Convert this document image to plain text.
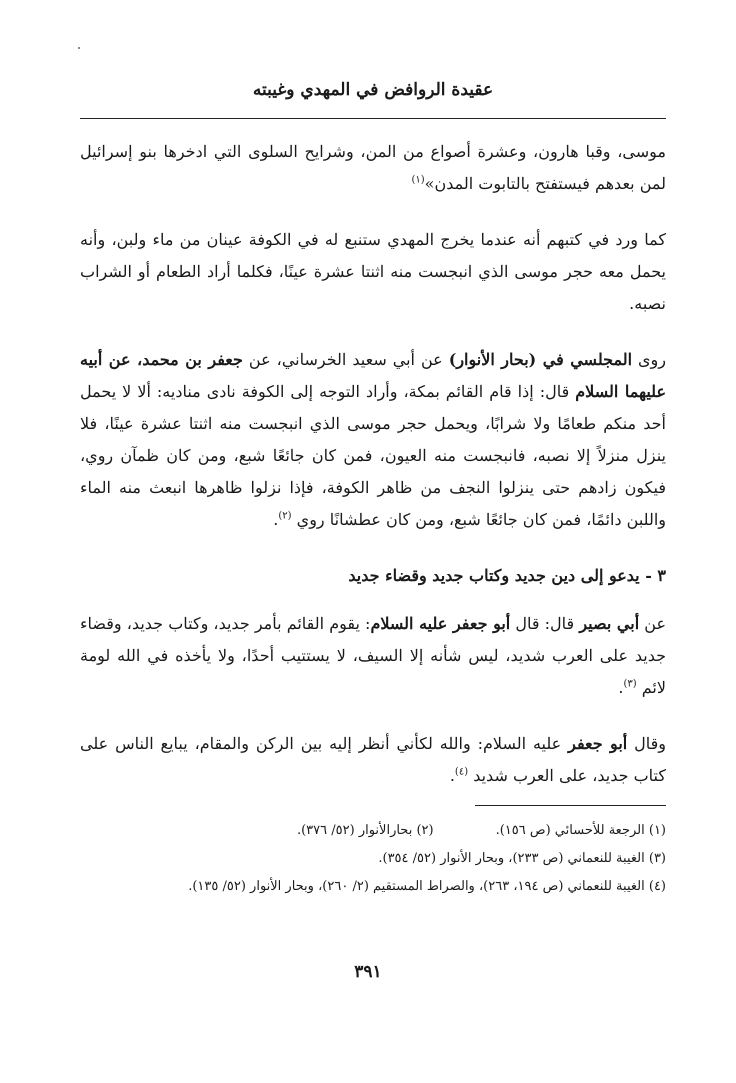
عقيدة الروافض في المهدي وغيبته

موسى، وقبا هارون، وعشرة أصواع من المن، وشرايح السلوى التي ادخرها بنو إسرائيل لمن بعدهم فيستفتح بالتابوت المدن»$^{(١)}$

كما ورد في كتبهم أنه عندما يخرج المهدي ستنبع له في الكوفة عينان من ماء ولبن، وأنه يحمل معه حجر موسى الذي انبجست منه اثنتا عشرة عينًا، فكلما أراد الطعام أو الشراب نصبه.

روى المجلسي في (بحار الأنوار) عن أبي سعيد الخرساني، عن جعفر بن محمد، عن أبيه عليهما السلام قال: إذا قام القائم بمكة، وأراد التوجه إلى الكوفة نادى مناديه: ألا لا يحمل أحد منكم طعامًا ولا شرابًا، ويحمل حجر موسى الذي انبجست منه اثنتا عشرة عينًا، فلا ينزل منزلاً إلا نصبه، فانبجست منه العيون، فمن كان جائعًا شبع، ومن كان ظمآن روي، فيكون زادهم حتى ينزلوا النجف من ظاهر الكوفة، فإذا نزلوا ظاهرها انبعث منه الماء واللبن دائمًا، فمن كان جائعًا شبع، ومن كان عطشانًا روي $^{(٢)}$.

٣ - يدعو إلى دين جديد وكتاب جديد وقضاء جديد

عن أبي بصير قال: قال أبو جعفر عليه السلام: يقوم القائم بأمر جديد، وكتاب جديد، وقضاء جديد على العرب شديد، ليس شأنه إلا السيف، لا يستتيب أحدًا، ولا يأخذه في الله لومة لائم $^{(٣)}$.

وقال أبو جعفر عليه السلام: والله لكأني أنظر إليه بين الركن والمقام، يبايع الناس على كتاب جديد، على العرب شديد $^{(٤)}$.

(١) الرجعة للأحسائي (ص ١٥٦).
(٢) بحارالأنوار (٥٢/ ٣٧٦).
(٣) الغيبة للنعماني (ص ٢٣٣)، وبحار الأنوار (٥٢/ ٣٥٤).
(٤) الغيبة للنعماني (ص ١٩٤، ٢٦٣)، والصراط المستقيم (٢/ ٢٦٠)، وبحار الأنوار (٥٢/ ١٣٥).
٣٩١
